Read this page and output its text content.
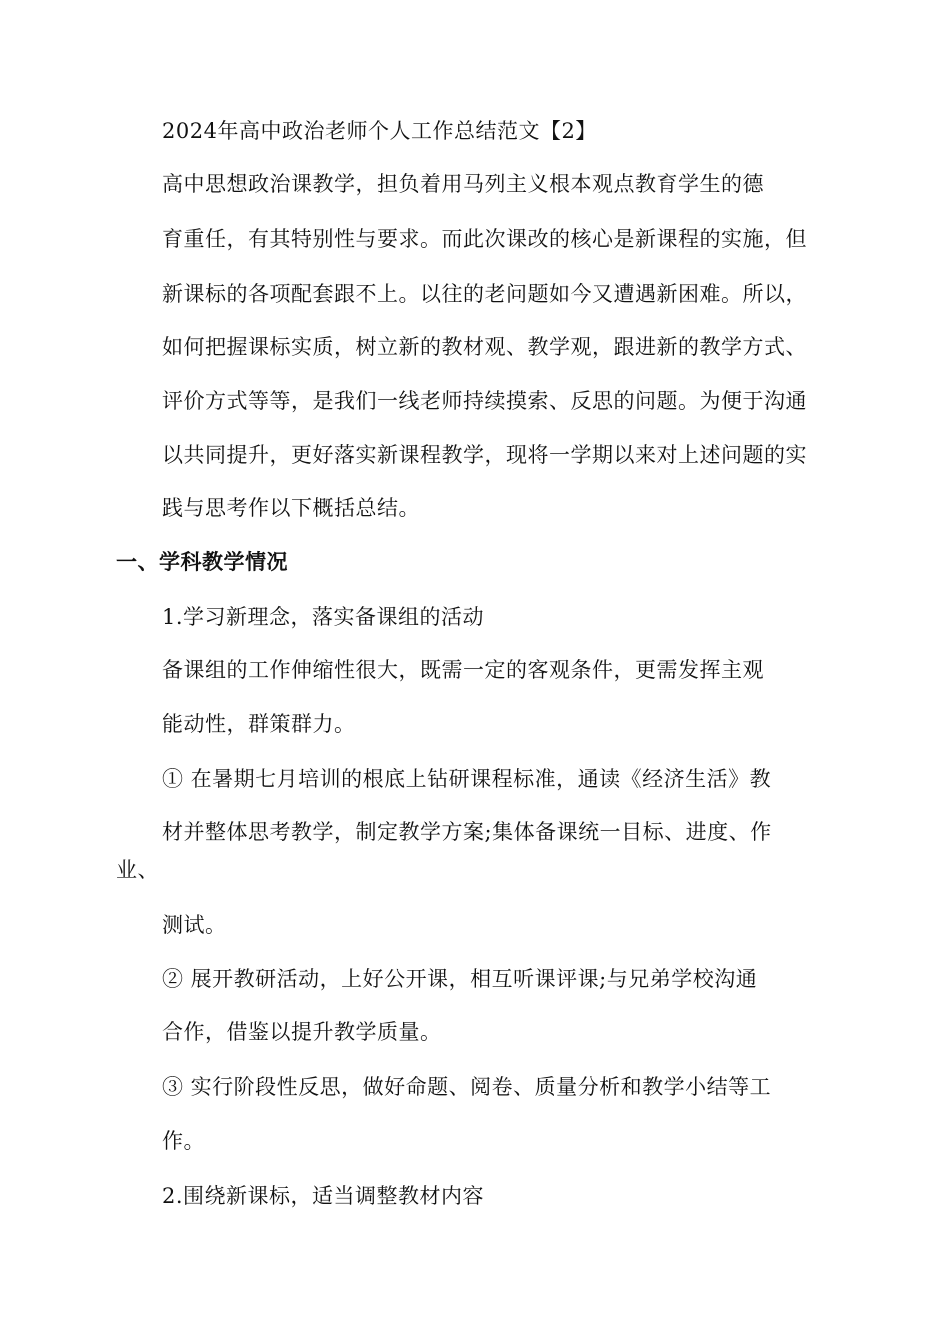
2024年高中政治老师个人工作总结范文【2】
高中思想政治课教学，担负着用马列主义根本观点教育学生的德
育重任，有其特别性与要求。而此次课改的核心是新课程的实施，但
新课标的各项配套跟不上。以往的老问题如今又遭遇新困难。所以，
如何把握课标实质，树立新的教材观、教学观，跟进新的教学方式、
评价方式等等，是我们一线老师持续摸索、反思的问题。为便于沟通
以共同提升，更好落实新课程教学，现将一学期以来对上述问题的实
践与思考作以下概括总结。
一、学科教学情况
1.学习新理念，落实备课组的活动
备课组的工作伸缩性很大，既需一定的客观条件，更需发挥主观
能动性，群策群力。
① 在暑期七月培训的根底上钻研课程标准，通读《经济生活》教
材并整体思考教学，制定教学方案;集体备课统一目标、进度、作
业、
测试。
② 展开教研活动，上好公开课，相互听课评课;与兄弟学校沟通
合作，借鉴以提升教学质量。
③ 实行阶段性反思，做好命题、阅卷、质量分析和教学小结等工
作。
2.围绕新课标，适当调整教材内容
